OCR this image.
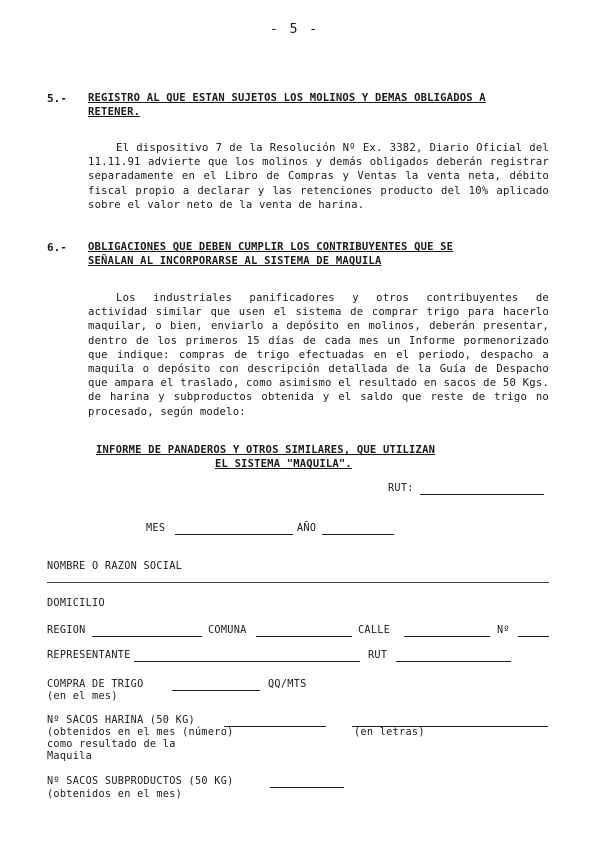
- 5 -
5.- REGISTRO AL QUE ESTAN SUJETOS LOS MOLINOS Y DEMAS OBLIGADOS A
RETENER.

El dispositivo 7 de la Resolución Nº Ex. 3382, Diario Oficial del 11.11.91 advierte que los molinos y demás obligados deberán registrar separadamente en el Libro de Compras y Ventas la venta neta, débito fiscal propio a declarar y las retenciones producto del 10% aplicado sobre el valor neto de la venta de harina.

6.- OBLIGACIONES QUE DEBEN CUMPLIR LOS CONTRIBUYENTES QUE SE
SEÑALAN AL INCORPORARSE AL SISTEMA DE MAQUILA

Los industriales panificadores y otros contribuyentes de actividad similar que usen el sistema de comprar trigo para hacerlo maquilar, o bien, enviarlo a depósito en molinos, deberán presentar, dentro de los primeros 15 días de cada mes un Informe pormenorizado que indique: compras de trigo efectuadas en el periodo, despacho a maquila o depósito con descripción detallada de la Guía de Despacho que ampara el traslado, como asimismo el resultado en sacos de 50 Kgs. de harina y subproductos obtenida y el saldo que reste de trigo no procesado, según modelo:

INFORME DE PANADEROS Y OTROS SIMILARES, QUE UTILIZAN
EL SISTEMA "MAQUILA".
RUT:
MES	AÑO
NOMBRE O RAZON SOCIAL
DOMICILIO
REGION	COMUNA	CALLE	Nº
REPRESENTANTE	RUT
COMPRA DE TRIGO
(en el mes)
QQ/MTS
Nº SACOS HARINA (50 KG)
(obtenidos en el mes (número)	(en letras)
como resultado de la
Maquila
Nº SACOS SUBPRODUCTOS (50 KG)
(obtenidos en el mes)
